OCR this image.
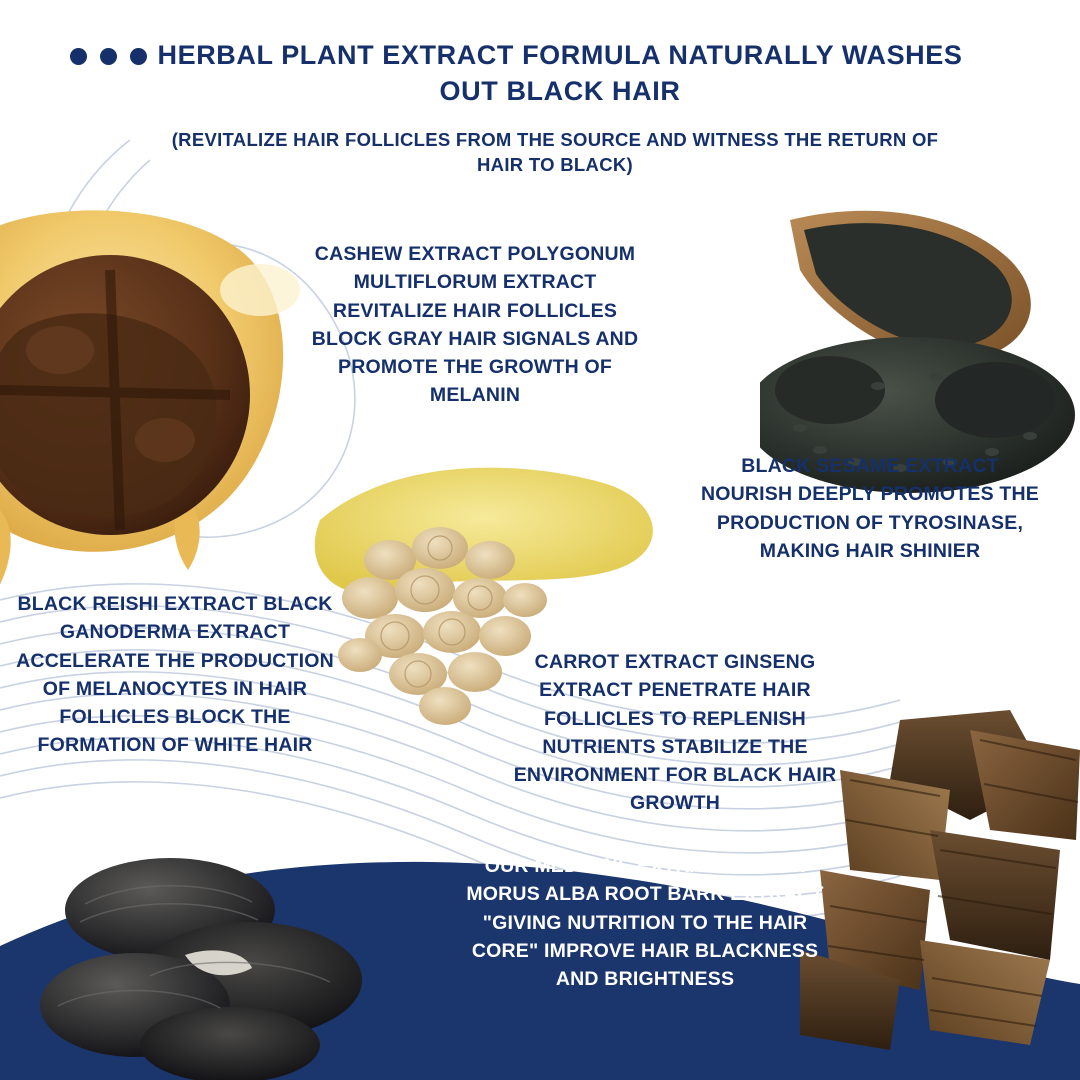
HERBAL PLANT EXTRACT FORMULA NATURALLY WASHES OUT BLACK HAIR
(REVITALIZE HAIR FOLLICLES FROM THE SOURCE AND WITNESS THE RETURN OF HAIR TO BLACK)
CASHEW EXTRACT POLYGONUM MULTIFLORUM EXTRACT REVITALIZE HAIR FOLLICLES BLOCK GRAY HAIR SIGNALS AND PROMOTE THE GROWTH OF MELANIN
BLACK SESAME EXTRACT NOURISH DEEPLY PROMOTES THE PRODUCTION OF TYROSINASE, MAKING HAIR SHINIER
BLACK REISHI EXTRACT BLACK GANODERMA EXTRACT ACCELERATE THE PRODUCTION OF MELANOCYTES IN HAIR FOLLICLES BLOCK THE FORMATION OF WHITE HAIR
CARROT EXTRACT GINSENG EXTRACT PENETRATE HAIR FOLLICLES TO REPLENISH NUTRIENTS STABILIZE THE ENVIRONMENT FOR BLACK HAIR GROWTH
OUR MEDICINE EXTRACT BLACK MORUS ALBA ROOT BARK EXTRACT "GIVING NUTRITION TO THE HAIR CORE" IMPROVE HAIR BLACKNESS AND BRIGHTNESS
